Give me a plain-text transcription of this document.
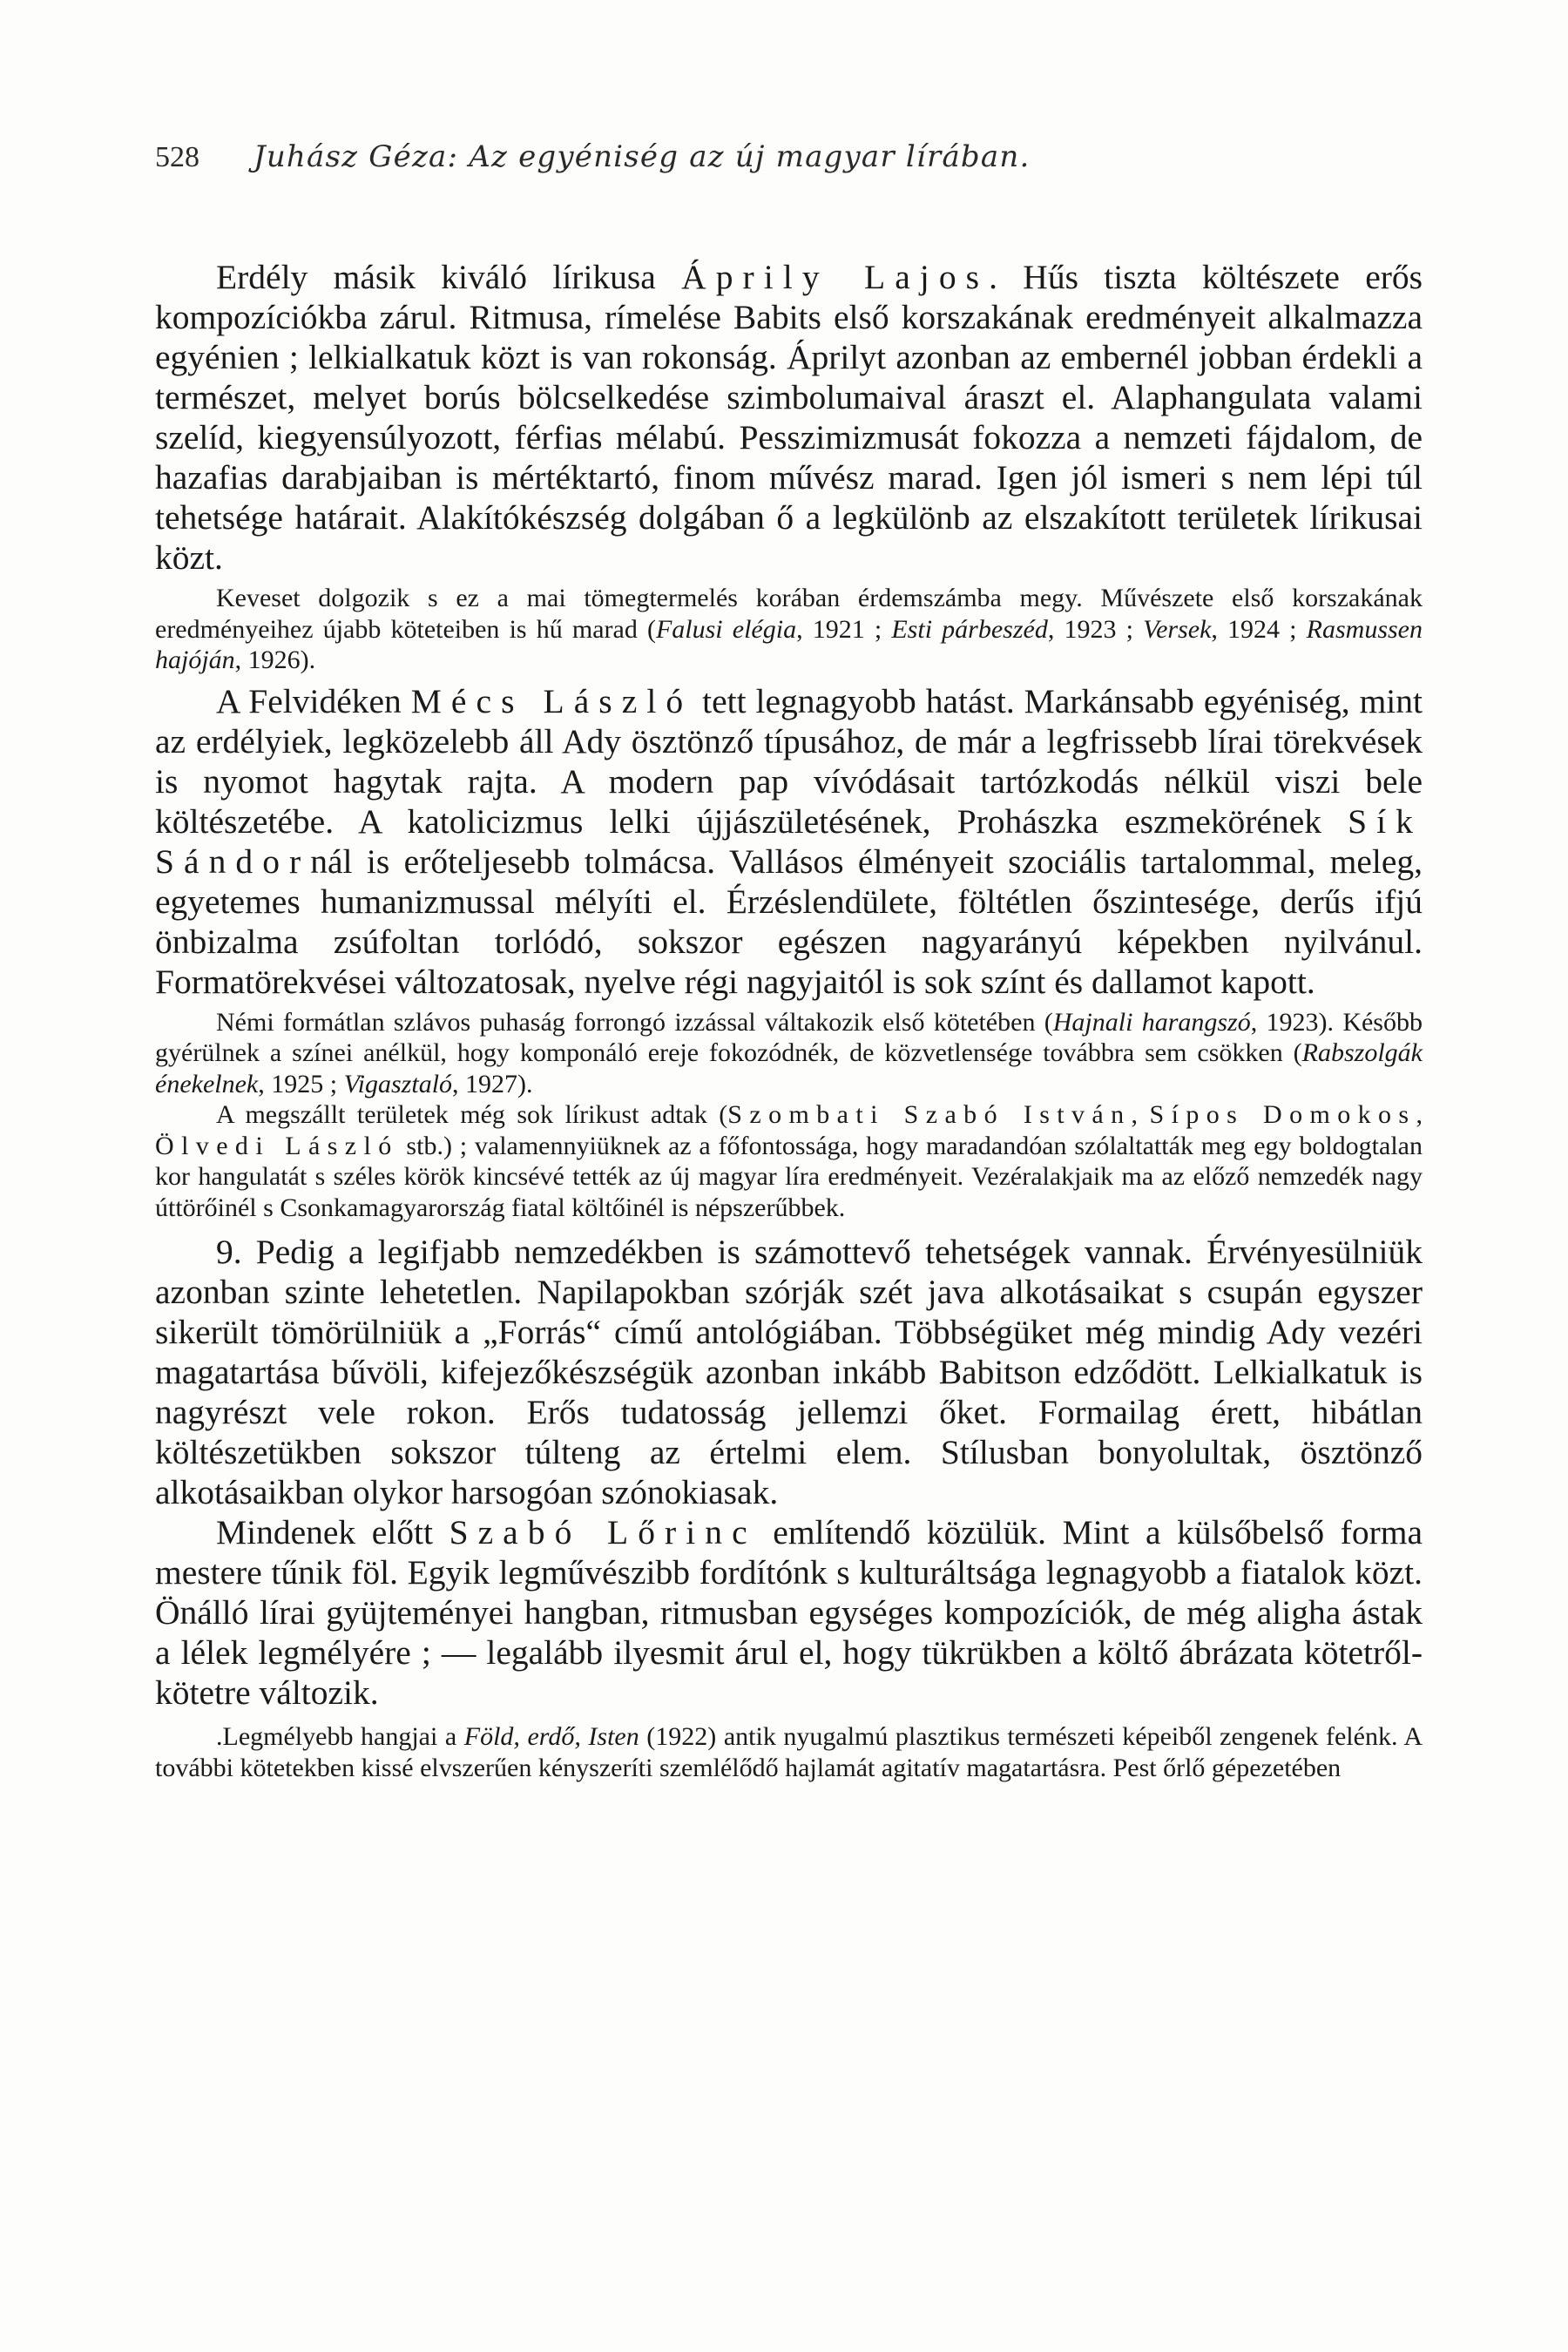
528 Juhász Géza: Az egyéniség az új magyar lírában.

Erdély másik kiváló lírikusa Áprily Lajos. Hűs tiszta költészete erős kompozíciókba zárul. Ritmusa, rímelése Babits első korszakának eredményeit alkalmazza egyénien ; lelkialkatuk közt is van rokonság. Áprilyt azonban az embernél jobban érdekli a természet, melyet borús bölcselkedése szimbolumaival áraszt el. Alaphangulata valami szelíd, kiegyensúlyozott, férfias mélabú. Pesszimizmusát fokozza a nemzeti fájdalom, de hazafias darabjaiban is mértéktartó, finom művész marad. Igen jól ismeri s nem lépi túl tehetsége határait. Alakítókészség dolgában ő a legkülönb az elszakított területek lírikusai közt.

Keveset dolgozik s ez a mai tömegtermelés korában érdemszámba megy. Művészete első korszakának eredményeihez újabb köteteiben is hű marad (Falusi elégia, 1921 ; Esti párbeszéd, 1923 ; Versek, 1924 ; Rasmussen hajóján, 1926).

A Felvidéken Mécs László tett legnagyobb hatást. Markánsabb egyéniség, mint az erdélyiek, legközelebb áll Ady ösztönző típusához, de már a legfrissebb lírai törekvések is nyomot hagytak rajta. A modern pap vívódásait tartózkodás nélkül viszi bele költészetébe. A katolicizmus lelki újjászületésének, Prohászka eszmekörének Sík Sándornál is erőteljesebb tolmácsa. Vallásos élményeit szociális tartalommal, meleg, egyetemes humanizmussal mélyíti el. Érzéslendülete, föltétlen őszintesége, derűs ifjú önbizalma zsúfoltan torlódó, sokszor egészen nagyarányú képekben nyilvánul. Formatörekvései változatosak, nyelve régi nagyjaitól is sok színt és dallamot kapott.

Némi formátlan szlávos puhaság forrongó izzással váltakozik első kötetében (Hajnali harangszó, 1923). Később gyérülnek a színei anélkül, hogy komponáló ereje fokozódnék, de közvetlensége továbbra sem csökken (Rabszolgák énekelnek, 1925 ; Vigasztaló, 1927).

A megszállt területek még sok lírikust adtak (Szombati Szabó István, Sípos Domokos, Ölvedi László stb.) ; valamennyiüknek az a főfontossága, hogy maradandóan szólaltatták meg egy boldogtalan kor hangulatát s széles körök kincsévé tették az új magyar líra eredményeit. Vezéralakjaik ma az előző nemzedék nagy úttörőinél s Csonkamagyarország fiatal költőinél is népszerűbbek.

9. Pedig a legifjabb nemzedékben is számottevő tehetségek vannak. Érvényesülniük azonban szinte lehetetlen. Napilapokban szórják szét java alkotásaikat s csupán egyszer sikerült tömörülniük a „Forrás“ című antológiában. Többségüket még mindig Ady vezéri magatartása bűvöli, kifejezőkészségük azonban inkább Babitson edződött. Lelkialkatuk is nagyrészt vele rokon. Erős tudatosság jellemzi őket. Formailag érett, hibátlan költészetükben sokszor túlteng az értelmi elem. Stílusban bonyolultak, ösztönző alkotásaikban olykor harsogóan szónokiasak.

Mindenek előtt Szabó Lőrinc említendő közülük. Mint a külsőbelső forma mestere tűnik föl. Egyik legművészibb fordítónk s kulturáltsága legnagyobb a fiatalok közt. Önálló lírai gyüjteményei hangban, ritmusban egységes kompozíciók, de még aligha ástak a lélek legmélyére ; — legalább ilyesmit árul el, hogy tükrükben a költő ábrázata kötetről-kötetre változik.

.Legmélyebb hangjai a Föld, erdő, Isten (1922) antik nyugalmú plasztikus természeti képeiből zengenek felénk. A további kötetekben kissé elvszerűen kényszeríti szemlélődő hajlamát agitatív magatartásra. Pest őrlő gépezetében
